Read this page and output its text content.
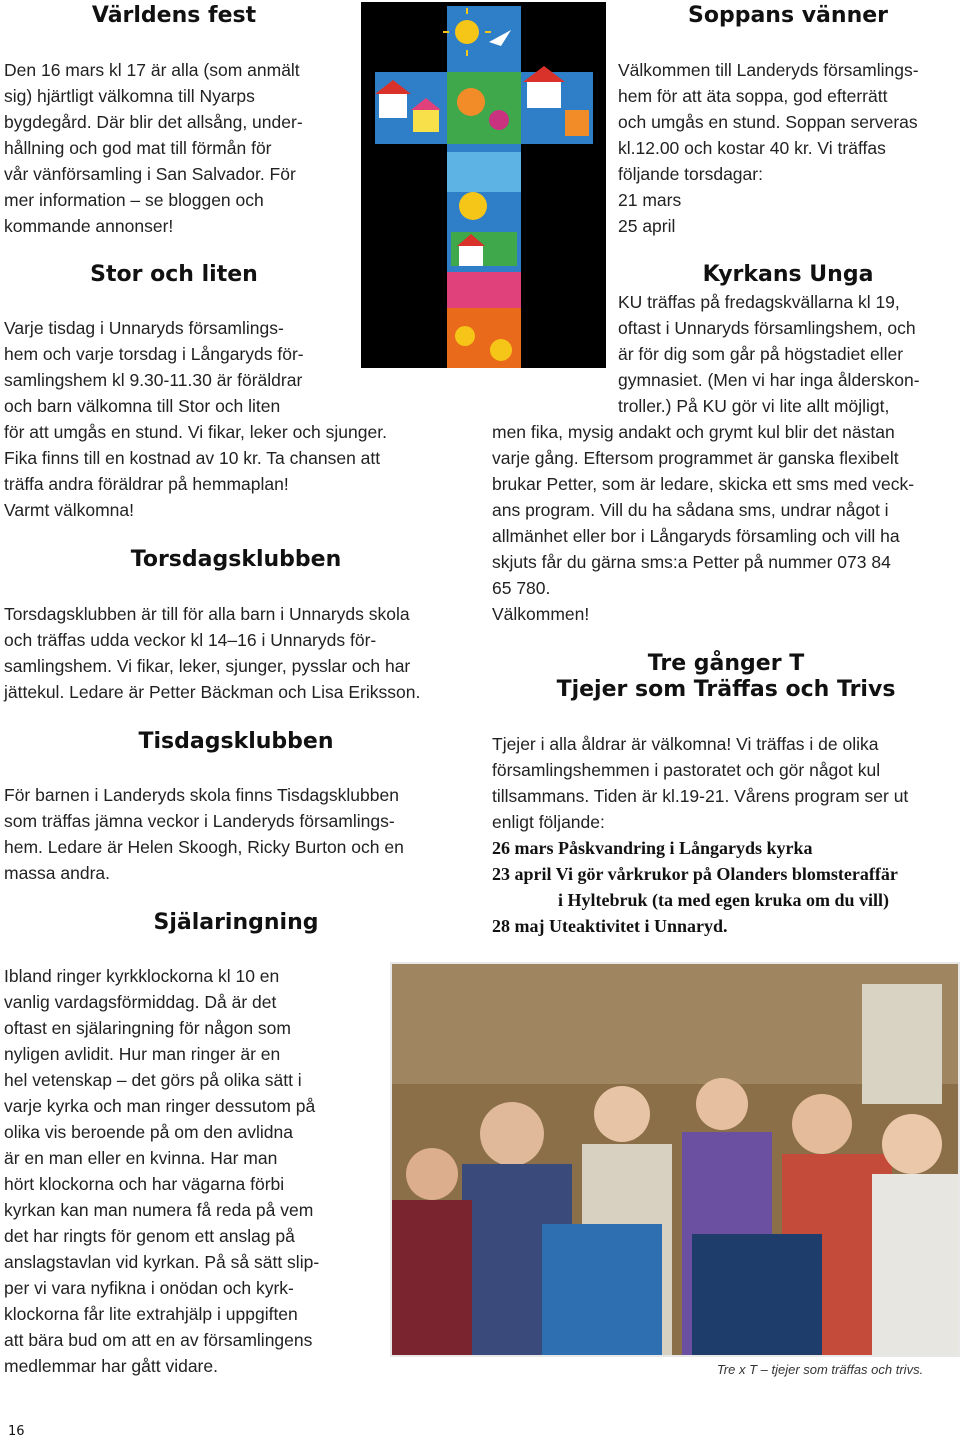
Världens fest
Den 16 mars kl 17 är alla (som anmält
sig) hjärtligt välkomna till Nyarps
bygdegård. Där blir det allsång, under-
hållning och god mat till förmån för
vår vänförsamling i San Salvador. För
mer information – se bloggen och
kommande annonser!
Stor och liten
Varje tisdag i Unnaryds församlings-
hem och varje torsdag i Långaryds för-
samlingshem kl 9.30-11.30 är föräldrar
och barn välkomna till Stor och liten
för att umgås en stund. Vi fikar, leker och sjunger.
Fika finns till en kostnad av 10 kr. Ta chansen att
träffa andra föräldrar på hemmaplan!
Varmt välkomna!
Torsdagsklubben
Torsdagsklubben är till för alla barn i Unnaryds skola
och träffas udda veckor kl 14–16 i Unnaryds för-
samlingshem. Vi fikar, leker, sjunger, pysslar och har
jättekul. Ledare är Petter Bäckman och Lisa Eriksson.
Tisdagsklubben
För barnen i Landeryds skola finns Tisdagsklubben
som träffas jämna veckor i Landeryds församlings-
hem. Ledare är Helen Skoogh, Ricky Burton och en
massa andra.
Själaringning
Ibland ringer kyrkklockorna kl 10 en
vanlig vardagsförmiddag. Då är det
oftast en själaringning för någon som
nyligen avlidit. Hur man ringer är en
hel vetenskap – det görs på olika sätt i
varje kyrka och man ringer dessutom på
olika vis beroende på om den avlidna
är en man eller en kvinna. Har man
hört klockorna och har vägarna förbi
kyrkan kan man numera få reda på vem
det har ringts för genom ett anslag på
anslagstavlan vid kyrkan. På så sätt slip-
per vi vara nyfikna i onödan och kyrk-
klockorna får lite extrahjälp i uppgiften
att bära bud om att en av församlingens
medlemmar har gått vidare.
Soppans vänner
Välkommen till Landeryds församlings-
hem för att äta soppa, god efterrätt
och umgås en stund. Soppan serveras
kl.12.00 och kostar 40 kr. Vi träffas
följande torsdagar:
21 mars
25 april
Kyrkans Unga
KU träffas på fredagskvällarna kl 19,
oftast i Unnaryds församlingshem, och
är för dig som går på högstadiet eller
gymnasiet. (Men vi har inga ålderskon-
troller.) På KU gör vi lite allt möjligt,
men fika, mysig andakt och grymt kul blir det nästan
varje gång. Eftersom programmet är ganska flexibelt
brukar Petter, som är ledare, skicka ett sms med veck-
ans program. Vill du ha sådana sms, undrar något i
allmänhet eller bor i Långaryds församling och vill ha
skjuts får du gärna sms:a Petter på nummer 073 84
65 780.
Välkommen!
Tre gånger T
Tjejer som Träffas och Trivs
Tjejer i alla åldrar är välkomna! Vi träffas i de olika
församlingshemmen i pastoratet och gör något kul
tillsammans. Tiden är kl.19-21. Vårens program ser ut
enligt följande:
26 mars Påskvandring i Långaryds kyrka
23 april Vi gör vårkrukor på Olanders blomsteraffär
i Hyltebruk (ta med egen kruka om du vill)
28 maj Uteaktivitet i Unnaryd.
Tre x T – tjejer som träffas och trivs.
16
